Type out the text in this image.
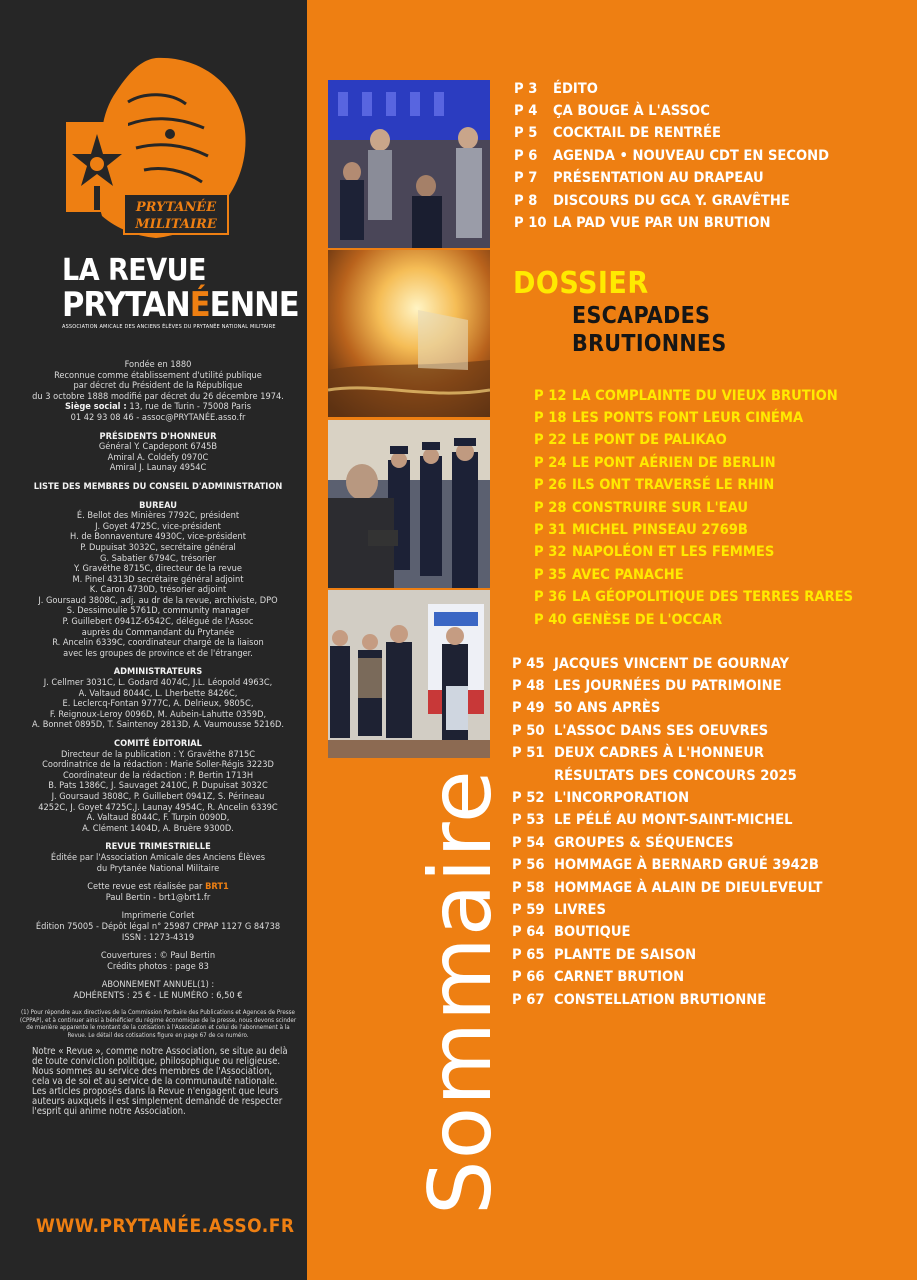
PRYTANÉE
MILITAIRE
LA REVUE
PRYTANÉENNE
ASSOCIATION AMICALE DES ANCIENS ÉLÈVES DU PRYTANÉE NATIONAL MILITAIRE

Fondée en 1880

Reconnue comme établissement d'utilité publique

par décret du Président de la République

du 3 octobre 1888 modifié par décret du 26 décembre 1974.

Siège social : 13, rue de Turin - 75008 Paris

01 42 93 08 46 - assoc@PRYTANÉE.asso.fr

PRÉSIDENTS D'HONNEUR

Général Y. Capdepont 6745B

Amiral A. Coldefy 0970C

Amiral J. Launay 4954C

LISTE DES MEMBRES DU CONSEIL D'ADMINISTRATION

BUREAU

É. Bellot des Minières 7792C, président

J. Goyet 4725C, vice-président

H. de Bonnaventure 4930C, vice-président

P. Dupuisat 3032C, secrétaire général

G. Sabatier 6794C, trésorier

Y. Gravêthe 8715C, directeur de la revue

M. Pinel 4313D secrétaire général adjoint

K. Caron 4730D, trésorier adjoint

J. Goursaud 3808C, adj. au dr de la revue, archiviste, DPO

S. Dessimoulie 5761D, community manager

P. Guillebert 0941Z-6542C, délégué de l'Assoc

auprès du Commandant du Prytanée

R. Ancelin 6339C, coordinateur chargé de la liaison

avec les groupes de province et de l'étranger.

ADMINISTRATEURS

J. Cellmer 3031C, L. Godard 4074C, J.L. Léopold 4963C,

A. Valtaud 8044C, L. Lherbette 8426C,

E. Leclercq-Fontan 9777C, A. Delrieux, 9805C,

F. Reignoux-Leroy 0096D, M. Aubein-Lahutte 0359D,

A. Bonnet 0895D, T. Saintenoy 2813D, A. Vaumousse 5216D.

COMITÉ ÉDITORIAL

Directeur de la publication : Y. Gravêthe 8715C

Coordinatrice de la rédaction : Marie Soller-Régis 3223D

Coordinateur de la rédaction : P. Bertin 1713H

B. Pats 1386C, J. Sauvaget 2410C, P. Dupuisat 3032C

J. Goursaud 3808C, P. Guillebert 0941Z, S. Périneau

4252C, J. Goyet 4725C,J. Launay 4954C, R. Ancelin 6339C

A. Valtaud 8044C, F. Turpin 0090D,

A. Clément 1404D, A. Bruère 9300D.

REVUE TRIMESTRIELLE

Éditée par l'Association Amicale des Anciens Élèves

du Prytanée National Militaire

Cette revue est réalisée par BRT1

Paul Bertin - brt1@brt1.fr

Imprimerie Corlet

Édition 75005 - Dépôt légal n° 25987 CPPAP 1127 G 84738

ISSN : 1273-4319

Couvertures : © Paul Bertin

Crédits photos : page 83

ABONNEMENT ANNUEL(1) :

ADHÉRENTS : 25 € - LE NUMÉRO : 6,50 €

(1) Pour répondre aux directives de la Commission Paritaire des Publications et Agences de Presse (CPPAP), et à continuer ainsi à bénéficier du régime économique de la presse, nous devons scinder de manière apparente le montant de la cotisation à l'Association et celui de l'abonnement à la Revue. Le détail des cotisations figure en page 67 de ce numéro.

Notre « Revue », comme notre Association, se situe au delà de toute conviction politique, philosophique ou religieuse. Nous sommes au service des membres de l'Association, cela va de soi et au service de la communauté nationale. Les articles proposés dans la Revue n'engagent que leurs auteurs auxquels il est simplement demandé de respecter l'esprit qui anime notre Association.

WWW.PRYTANÉE.ASSO.FR
P 3	ÉDITO
P 4	ÇA BOUGE À L'ASSOC
P 5	COCKTAIL DE RENTRÉE
P 6	AGENDA • NOUVEAU CDT EN SECOND
P 7	PRÉSENTATION AU DRAPEAU
P 8	DISCOURS DU GCA Y. GRAVÊTHE
P 10 LA PAD VUE PAR UN BRUTION
DOSSIER
ESCAPADES
BRUTIONNES
P 12 LA COMPLAINTE DU VIEUX BRUTION
P 18 LES PONTS FONT LEUR CINÉMA
P 22 LE PONT DE PALIKAO
P 24 LE PONT AÉRIEN DE BERLIN
P 26 ILS ONT TRAVERSÉ LE RHIN
P 28 CONSTRUIRE SUR L'EAU
P 31 MICHEL PINSEAU 2769B
P 32 NAPOLÉON ET LES FEMMES
P 35 AVEC PANACHE
P 36 LA GÉOPOLITIQUE DES TERRES RARES
P 40 GENÈSE DE L'OCCAR
P 45 JACQUES VINCENT DE GOURNAY
P 48 LES JOURNÉES DU PATRIMOINE
P 49 50 ANS APRÈS
P 50 L'ASSOC DANS SES OEUVRES
P 51 DEUX CADRES À L'HONNEUR
RÉSULTATS DES CONCOURS 2025
P 52 L'INCORPORATION
P 53 LE PÉLÉ AU MONT-SAINT-MICHEL
P 54 GROUPES & SÉQUENCES
P 56 HOMMAGE À BERNARD GRUÉ 3942B
P 58 HOMMAGE À ALAIN DE DIEULEVEULT
P 59 LIVRES
P 64 BOUTIQUE
P 65 PLANTE DE SAISON
P 66 CARNET BRUTION
P 67 CONSTELLATION BRUTIONNE
Sommaire
